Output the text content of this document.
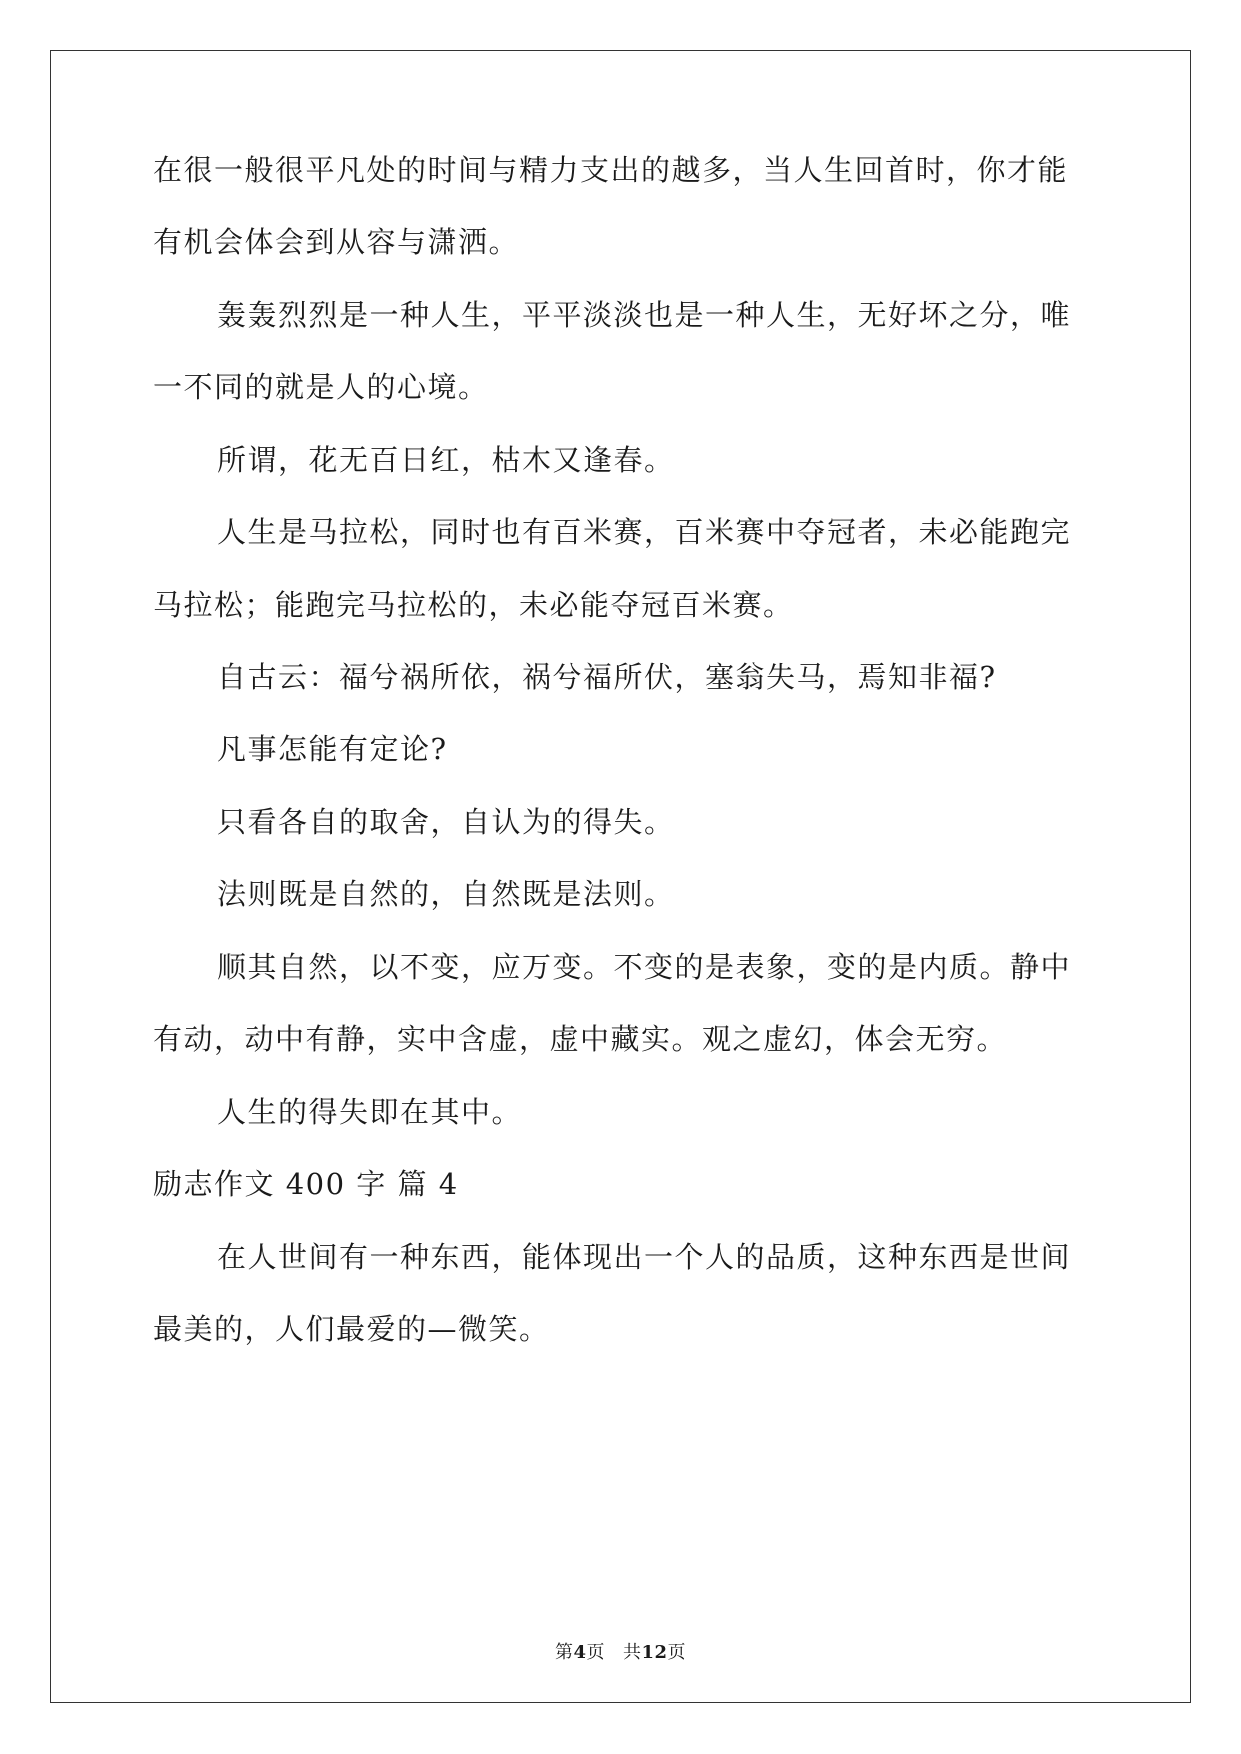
在很一般很平凡处的时间与精力支出的越多，当人生回首时，你才能
有机会体会到从容与潇洒。
轰轰烈烈是一种人生，平平淡淡也是一种人生，无好坏之分，唯
一不同的就是人的心境。
所谓，花无百日红，枯木又逢春。
人生是马拉松，同时也有百米赛，百米赛中夺冠者，未必能跑完
马拉松；能跑完马拉松的，未必能夺冠百米赛。
自古云：福兮祸所依，祸兮福所伏，塞翁失马，焉知非福?
凡事怎能有定论?
只看各自的取舍，自认为的得失。
法则既是自然的，自然既是法则。
顺其自然，以不变，应万变。不变的是表象，变的是内质。静中
有动，动中有静，实中含虚，虚中藏实。观之虚幻，体会无穷。
人生的得失即在其中。
励志作文 400 字 篇 4
在人世间有一种东西，能体现出一个人的品质，这种东西是世间
最美的，人们最爱的—微笑。
第4页 共12页
